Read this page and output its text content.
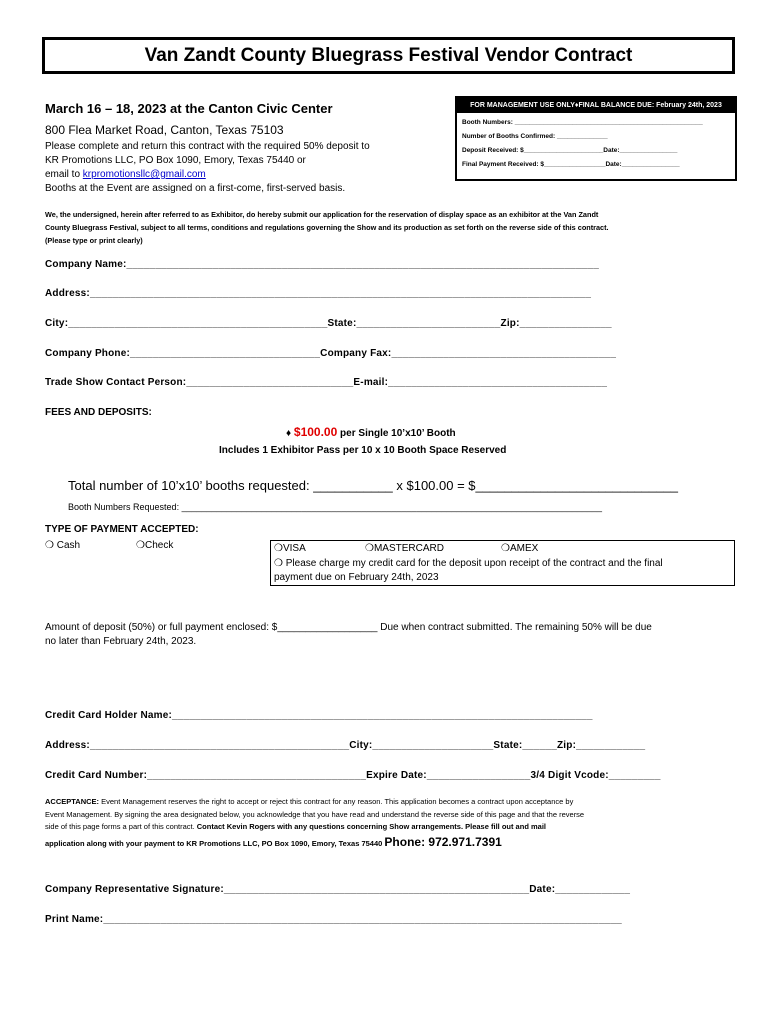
Van Zandt County Bluegrass Festival Vendor Contract
March 16 – 18, 2023 at the Canton Civic Center
800 Flea Market Road, Canton, Texas 75103
Please complete and return this contract with the required 50% deposit to
KR Promotions LLC, PO Box 1090, Emory, Texas 75440 or
email to krpromotionsllc@gmail.com
Booths at the Event are assigned on a first-come, first-served basis.
FOR MANAGEMENT USE ONLY♦FINAL BALANCE DUE: February 24th, 2023
Booth Numbers: ____________________________________________________
Number of Booths Confirmed: ______________
Deposit Received: $______________________Date:________________
Final Payment Received: $_________________Date:________________
We, the undersigned, herein after referred to as Exhibitor, do hereby submit our application for the reservation of display space as an exhibitor at the Van Zandt
County Bluegrass Festival, subject to all terms, conditions and regulations governing the Show and its production as set forth on the reverse side of this contract.
(Please type or print clearly)
Company Name:__________________________________________________________________________________
Address:_______________________________________________________________________________________
City:_____________________________________________State:_________________________Zip:________________
Company Phone:_________________________________Company Fax:_______________________________________
Trade Show Contact Person:_____________________________E-mail:______________________________________
FEES AND DEPOSITS:
♦ $100.00 per Single 10’x10’ Booth
Includes 1 Exhibitor Pass per 10 x 10 Booth Space Reserved
Total number of 10’x10’ booths requested: ___________ x $100.00 = $____________________________
Booth Numbers Requested: ____________________________________________________________________________________
TYPE OF PAYMENT ACCEPTED:
❍ Cash	❍Check	❍VISA	❍MASTERCARD	❍AMEX
❍ Please charge my credit card for the deposit upon receipt of the contract and the final
payment due on February 24th, 2023
Amount of deposit (50%) or full payment enclosed: $__________________ Due when contract submitted. The remaining 50% will be due
no later than February 24th, 2023.
Credit Card Holder Name:_________________________________________________________________________
Address:_____________________________________________City:_____________________State:______Zip:____________
Credit Card Number:______________________________________Expire Date:__________________3/4 Digit Vcode:_________
ACCEPTANCE: Event Management reserves the right to accept or reject this contract for any reason. This application becomes a contract upon acceptance by
Event Management. By signing the area designated below, you acknowledge that you have read and understand the reverse side of this page and that the reverse
side of this page forms a part of this contract. Contact Kevin Rogers with any questions concerning Show arrangements. Please fill out and mail
application along with your payment to KR Promotions LLC, PO Box 1090, Emory, Texas 75440 Phone: 972.971.7391
Company Representative Signature:_____________________________________________________Date:_____________
Print Name:__________________________________________________________________________________________
